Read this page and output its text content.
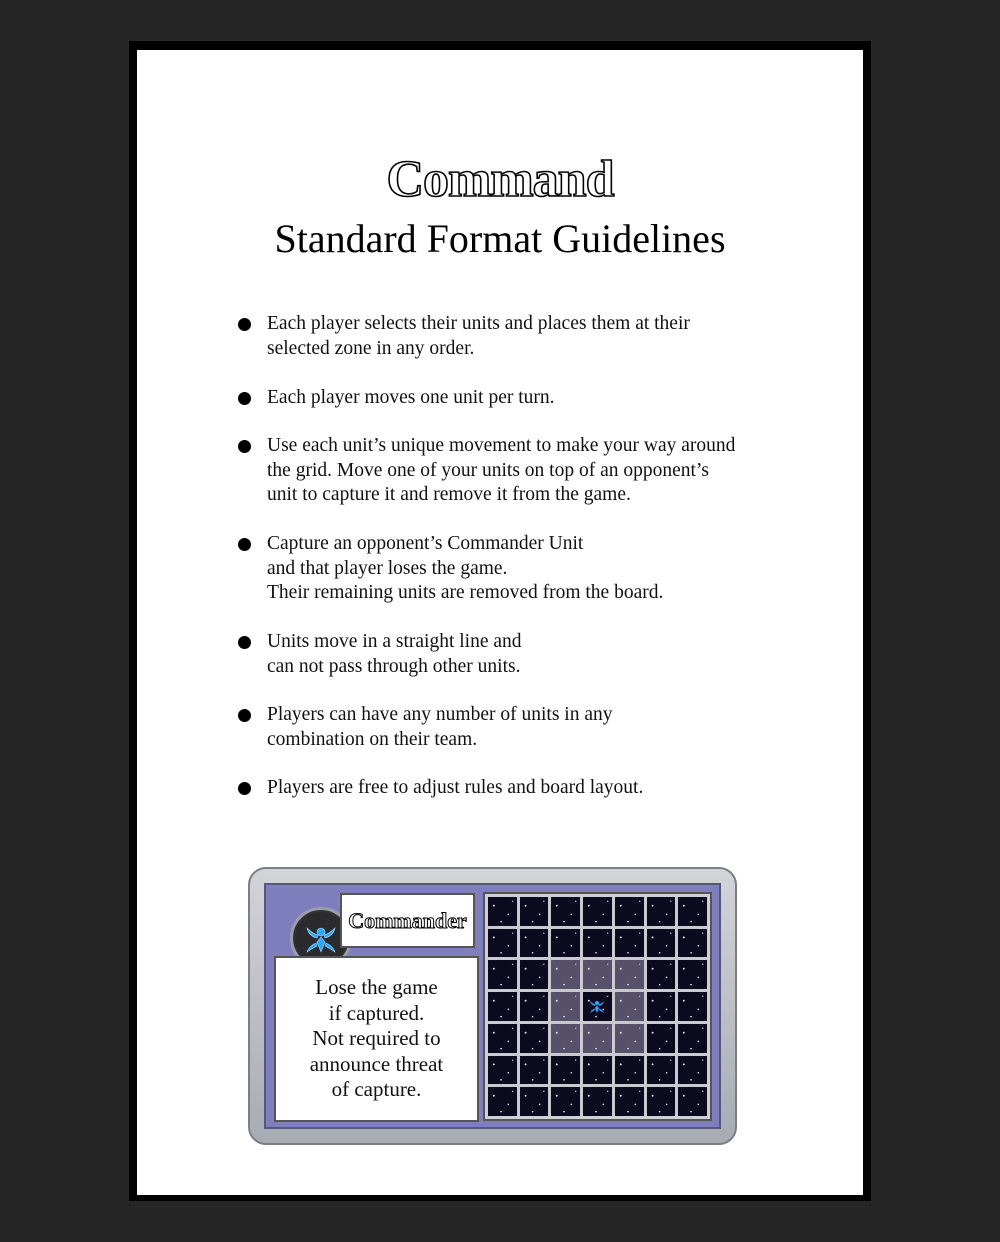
Command
Standard Format Guidelines
Each player selects their units and places them at their
selected zone in any order.
Each player moves one unit per turn.
Use each unit’s unique movement to make your way around
the grid. Move one of your units on top of an opponent’s
unit to capture it and remove it from the game.
Capture an opponent’s Commander Unit
and that player loses the game.
Their remaining units are removed from the board.
Units move in a straight line and
can not pass through other units.
Players can have any number of units in any
combination on their team.
Players are free to adjust rules and board layout.
Commander
Lose the game
if captured.
Not required to
announce threat
of capture.
